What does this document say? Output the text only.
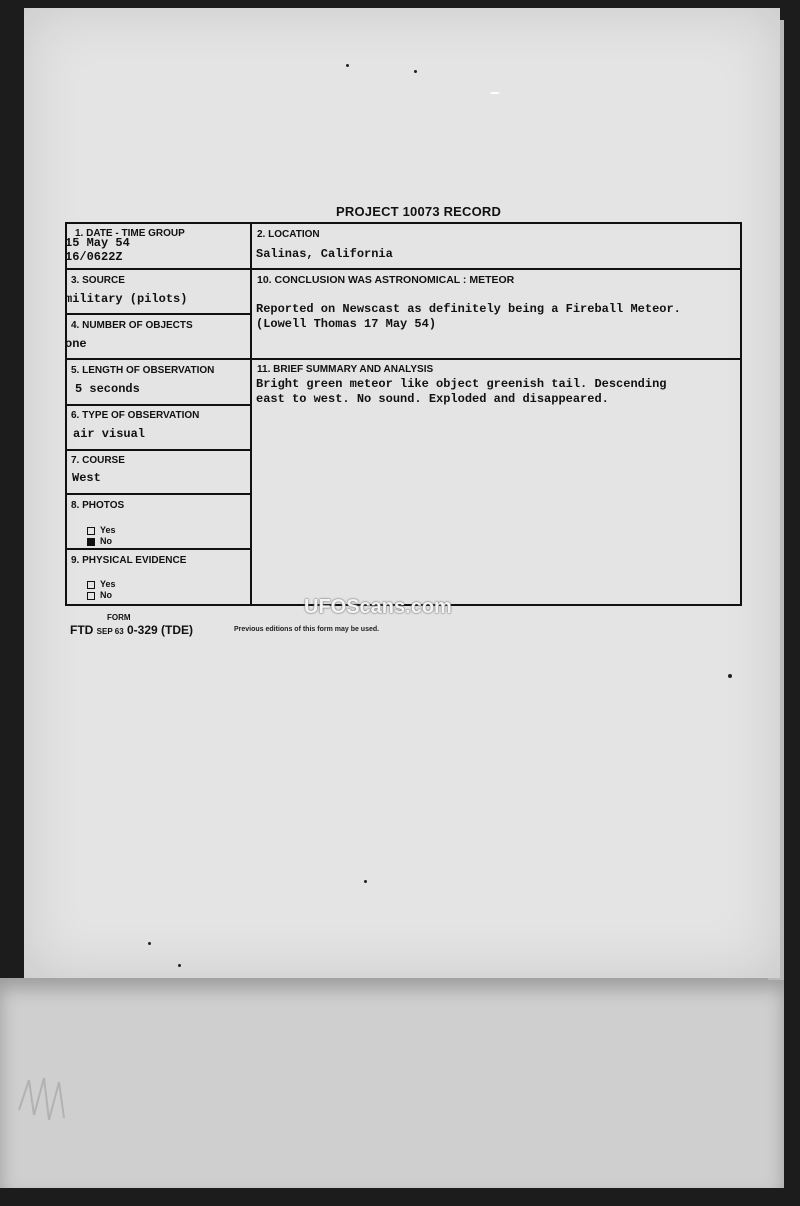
PROJECT 10073 RECORD
1. DATE - TIME GROUP
15 May 54
16/0622Z
2. LOCATION
Salinas, California
3. SOURCE
military (pilots)
4. NUMBER OF OBJECTS
one
5. LENGTH OF OBSERVATION
5 seconds
6. TYPE OF OBSERVATION
air visual
7. COURSE
West
8. PHOTOS
Yes
No
9. PHYSICAL EVIDENCE
Yes
No
10. CONCLUSION WAS ASTRONOMICAL : METEOR
Reported on Newscast as definitely being a Fireball Meteor.
(Lowell Thomas 17 May 54)
11. BRIEF SUMMARY AND ANALYSIS
Bright green meteor like object greenish tail. Descending
east to west. No sound. Exploded and disappeared.
UFOScans.com
FORM
FTD SEP 63 0-329 (TDE)	Previous editions of this form may be used.
